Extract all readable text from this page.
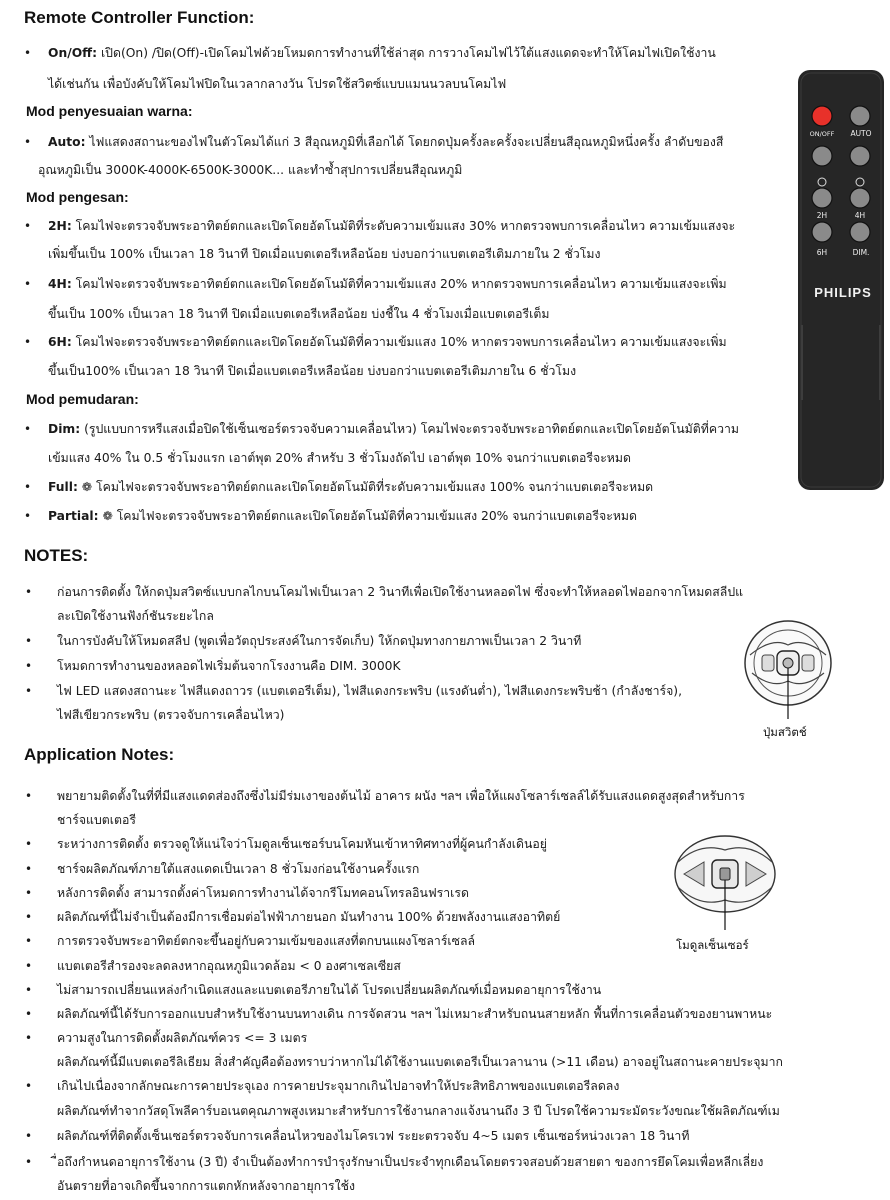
Remote Controller Function:
• On/Off: เปิด(On) /ปิด(Off)-เปิดโคมไฟด้วยโหมดการทำงานที่ใช้ล่าสุด การวางโคมไฟไว้ใต้แสงแดดจะทำให้โคมไฟเปิดใช้งาน
ได้เช่นกัน เพื่อบังคับให้โคมไฟปิดในเวลากลางวัน โปรดใช้สวิตซ์แบบแมนนวลบนโคมไฟ
Mod penyesuaian warna:
• Auto: ไฟแสดงสถานะของไฟในตัวโคมได้แก่ 3 สีอุณหภูมิที่เลือกได้ โดยกดปุ่มครั้งละครั้งจะเปลี่ยนสีอุณหภูมิหนึ่งครั้ง ลำดับของสี
อุณหภูมิเป็น 3000K-4000K-6500K-3000K... และทำซ้ำสุปการเปลี่ยนสีอุณหภูมิ
Mod pengesan:
• 2H: โคมไฟจะตรวจจับพระอาทิตย์ตกและเปิดโดยอัตโนมัติที่ระดับความเข้มแสง 30% หากตรวจพบการเคลื่อนไหว ความเข้มแสงจะ
เพิ่มขึ้นเป็น 100% เป็นเวลา 18 วินาที ปิดเมื่อแบตเตอรีเหลือน้อย บ่งบอกว่าแบตเตอรีเติมภายใน 2 ชั่วโมง
• 4H: โคมไฟจะตรวจจับพระอาทิตย์ตกและเปิดโดยอัตโนมัติที่ความเข้มแสง 20% หากตรวจพบการเคลื่อนไหว ความเข้มแสงจะเพิ่ม
ขึ้นเป็น 100% เป็นเวลา 18 วินาที ปิดเมื่อแบตเตอรีเหลือน้อย บ่งชี้ใน 4 ชั่วโมงเมื่อแบตเตอรีเต็ม
• 6H: โคมไฟจะตรวจจับพระอาทิตย์ตกและเปิดโดยอัตโนมัติที่ความเข้มแสง 10% หากตรวจพบการเคลื่อนไหว ความเข้มแสงจะเพิ่ม
ขึ้นเป็น100% เป็นเวลา 18 วินาที ปิดเมื่อแบตเตอรีเหลือน้อย บ่งบอกว่าแบตเตอรีเติมภายใน 6 ชั่วโมง
Mod pemudaran:
• Dim: (รูปแบบการหรีแสงเมื่อปิดใช้เซ็นเซอร์ตรวจจับความเคลื่อนไหว) โคมไฟจะตรวจจับพระอาทิตย์ตกและเปิดโดยอัตโนมัติที่ความ
เข้มแสง 40% ใน 0.5 ชั่วโมงแรก เอาต์พุต 20% สำหรับ 3 ชั่วโมงถัดไป เอาต์พุต 10% จนกว่าแบตเตอรีจะหมด
• Full: ❁ โคมไฟจะตรวจจับพระอาทิตย์ตกและเปิดโดยอัตโนมัติที่ระดับความเข้มแสง 100% จนกว่าแบตเตอรีจะหมด
• Partial: ❁ โคมไฟจะตรวจจับพระอาทิตย์ตกและเปิดโดยอัตโนมัติที่ความเข้มแสง 20% จนกว่าแบตเตอรีจะหมด
NOTES:
• ก่อนการติดตั้ง ให้กดปุ่มสวิตซ์แบบกลไกบนโคมไฟเป็นเวลา 2 วินาทีเพื่อเปิดใช้งานหลอดไฟ ซึ่งจะทำให้หลอดไฟออกจากโหมดสลีปแ
ละเปิดใช้งานฟังก์ชันระยะไกล
• ในการบังคับให้โหมดสลีป (พูดเพื่อวัตถุประสงค์ในการจัดเก็บ) ให้กดปุ่มทางกายภาพเป็นเวลา 2 วินาที
• โหมดการทำงานของหลอดไฟเริ่มต้นจากโรงงานคือ DIM. 3000K
• ไฟ LED แสดงสถานะะ ไฟสีแดงถาวร (แบตเตอรีเต็ม), ไฟสีแดงกระพริบ (แรงดันต่ำ), ไฟสีแดงกระพริบช้า (กำลังชาร์จ),
ไฟสีเขียวกระพริบ (ตรวจจับการเคลื่อนไหว)
ปุ่มสวิตช์
Application Notes:
• พยายามติดตั้งในที่ที่มีแสงแดดส่องถึงซึ่งไม่มีร่มเงาของต้นไม้ อาคาร ผนัง ฯลฯ เพื่อให้แผงโซลาร์เซลล์ได้รับแสงแดดสูงสุดสำหรับการ
ชาร์จแบตเตอรี
• ระหว่างการติดตั้ง ตรวจดูให้แน่ใจว่าโมดูลเซ็นเซอร์บนโคมหันเข้าหาทิศทางที่ผู้คนกำลังเดินอยู่
• ชาร์จผลิตภัณฑ์ภายใต้แสงแดดเป็นเวลา 8 ชั่วโมงก่อนใช้งานครั้งแรก
• หลังการติดตั้ง สามารถตั้งค่าโหมดการทำงานได้จากรีโมทคอนโทรลอินฟราเรด
• ผลิตภัณฑ์นี้ไม่จำเป็นต้องมีการเชื่อมต่อไฟฟ้าภายนอก มันทำงาน 100% ด้วยพลังงานแสงอาทิตย์
• การตรวจจับพระอาทิตย์ตกจะขึ้นอยู่กับความเข้มของแสงที่ตกบนแผงโซลาร์เซลล์
• แบตเตอรีสำรองจะลดลงหากอุณหภูมิแวดล้อม < 0 องศาเซลเซียส
• ไม่สามารถเปลี่ยนแหล่งกำเนิดแสงและแบตเตอรีภายในได้ โปรดเปลี่ยนผลิตภัณฑ์เมื่อหมดอายุการใช้งาน
• ผลิตภัณฑ์นี้ได้รับการออกแบบสำหรับใช้งานบนทางเดิน การจัดสวน ฯลฯ ไม่เหมาะสำหรับถนนสายหลัก พื้นที่การเคลื่อนตัวของยานพาหนะ
• ความสูงในการติดตั้งผลิตภัณฑ์ควร <= 3 เมตร
ผลิตภัณฑ์นี้มีแบตเตอรีลิเธียม สิ่งสำคัญคือต้องทราบว่าหากไม่ได้ใช้งานแบตเตอรีเป็นเวลานาน (>11 เดือน) อาจอยู่ในสถานะคายประจุมาก
• เกินไปเนื่องจากลักษณะการคายประจุเอง การคายประจุมากเกินไปอาจทำให้ประสิทธิภาพของแบตเตอรีลดลง
ผลิตภัณฑ์ทำจากวัสดุโพลีคาร์บอเนตคุณภาพสูงเหมาะสำหรับการใช้งานกลางแจ้งนานถึง 3 ปี โปรดใช้ความระมัดระวังขณะใช้ผลิตภัณฑ์เม
• ผลิตภัณฑ์ที่ติดตั้งเซ็นเซอร์ตรวจจับการเคลื่อนไหวของไมโครเวฟ ระยะตรวจจับ 4~5 เมตร เซ็นเซอร์หน่วงเวลา 18 วินาที
• ื่อถึงกำหนดอายุการใช้งาน (3 ปี) จำเป็นต้องทำการบำรุงรักษาเป็นประจำทุกเดือนโดยตรวจสอบด้วยสายตา ของการยึดโคมเพื่อหลีกเลี่ยง
อันตรายที่อาจเกิดขึ้นจากการแตกหักหลังจากอายุการใช้ง
โมดูลเซ็นเซอร์
ON/OFF AUTO
2H	4H
6H	DIM.
PHILIPS
